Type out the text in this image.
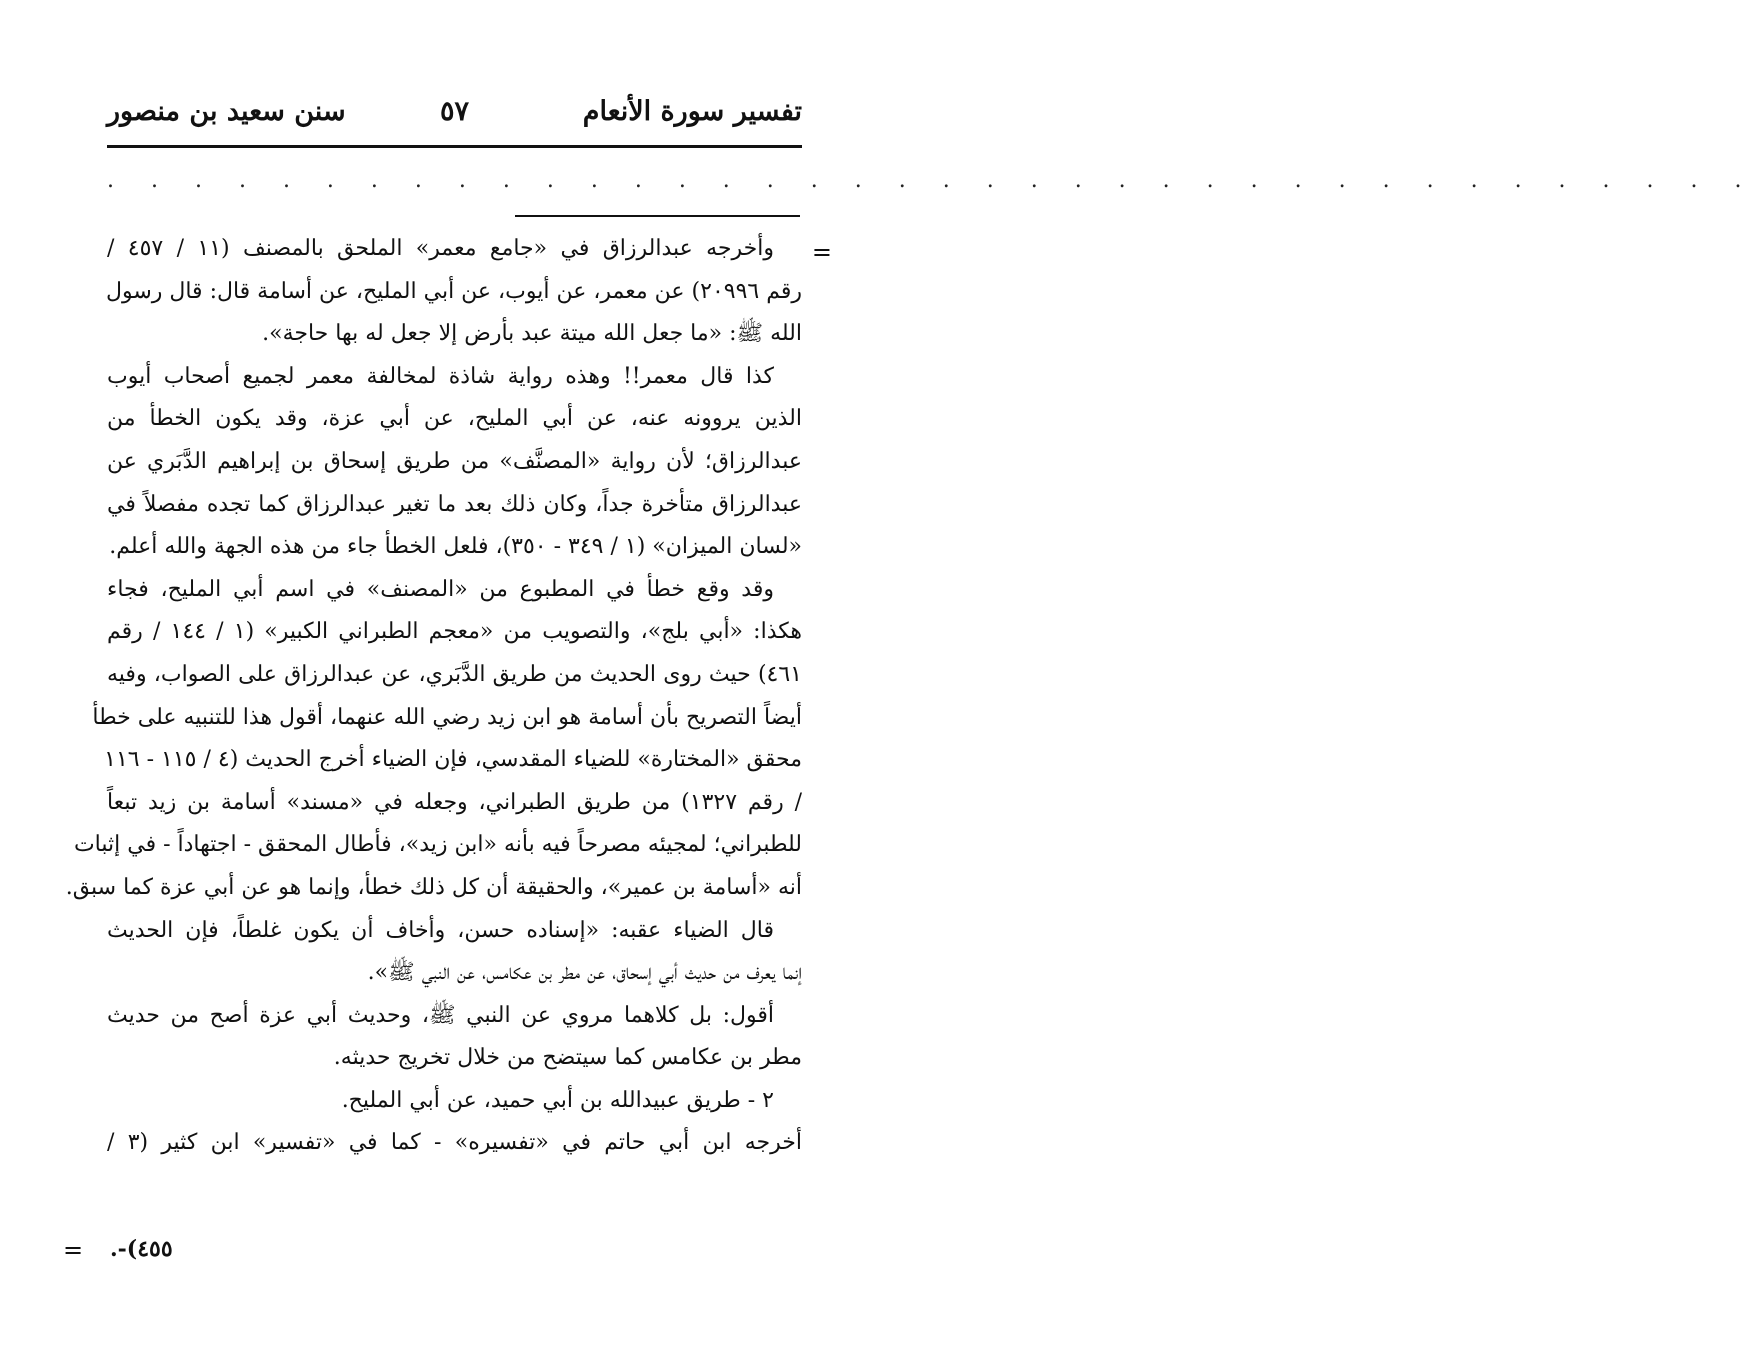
تفسير سورة الأنعام
٥٧
سنن سعيد بن منصور
. . . . . . . . . . . . . . . . . . . . . . . . . . . . . . . . . . . . . .
=
وأخرجه عبدالرزاق في «جامع معمر» الملحق بالمصنف (١١ / ٤٥٧ /
رقم ٢٠٩٩٦) عن معمر، عن أيوب، عن أبي المليح، عن أسامة قال: قال رسول
الله ﷺ: «ما جعل الله ميتة عبد بأرض إلا جعل له بها حاجة».
كذا قال معمر!! وهذه رواية شاذة لمخالفة معمر لجميع أصحاب أيوب
الذين يروونه عنه، عن أبي المليح، عن أبي عزة، وقد يكون الخطأ من
عبدالرزاق؛ لأن رواية «المصنَّف» من طريق إسحاق بن إبراهيم الدَّبَري عن
عبدالرزاق متأخرة جداً، وكان ذلك بعد ما تغير عبدالرزاق كما تجده مفصلاً في
«لسان الميزان» (١ / ٣٤٩ - ٣٥٠)، فلعل الخطأ جاء من هذه الجهة والله أعلم.
وقد وقع خطأ في المطبوع من «المصنف» في اسم أبي المليح، فجاء
هكذا: «أبي بلج»، والتصويب من «معجم الطبراني الكبير» (١ / ١٤٤ / رقم
٤٦١) حيث روى الحديث من طريق الدَّبَري، عن عبدالرزاق على الصواب، وفيه
أيضاً التصريح بأن أسامة هو ابن زيد رضي الله عنهما، أقول هذا للتنبيه على خطأ
محقق «المختارة» للضياء المقدسي، فإن الضياء أخرج الحديث (٤ / ١١٥ - ١١٦
/ رقم ١٣٢٧) من طريق الطبراني، وجعله في «مسند» أسامة بن زيد تبعاً
للطبراني؛ لمجيئه مصرحاً فيه بأنه «ابن زيد»، فأطال المحقق - اجتهاداً - في إثبات
أنه «أسامة بن عمير»، والحقيقة أن كل ذلك خطأ، وإنما هو عن أبي عزة كما سبق.
قال الضياء عقبه: «إسناده حسن، وأخاف أن يكون غلطاً، فإن الحديث
إنما يعرف من حديث أبي إسحاق، عن مطر بن عكامس، عن النبي ﷺ».
أقول: بل كلاهما مروي عن النبي ﷺ، وحديث أبي عزة أصح من حديث
مطر بن عكامس كما سيتضح من خلال تخريج حديثه.
٢ - طريق عبيدالله بن أبي حميد، عن أبي المليح.
أخرجه ابن أبي حاتم في «تفسيره» - كما في «تفسير» ابن كثير (٣ /
= ٤٥٥)-.
